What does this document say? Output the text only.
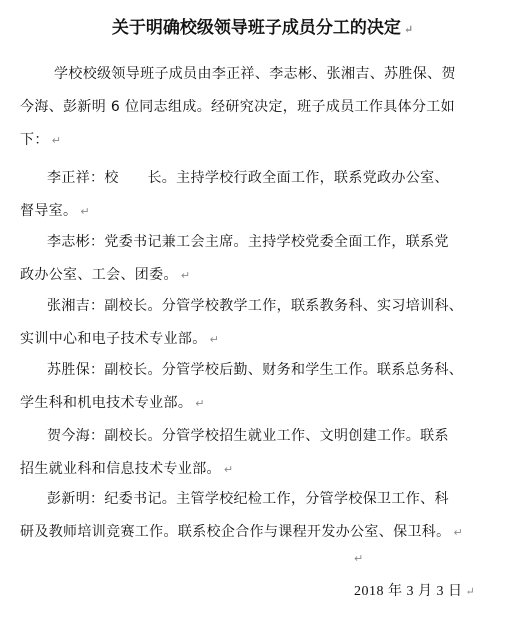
关于明确校级领导班子成员分工的决定 ↵

学校校级领导班子成员由李正祥、李志彬、张湘吉、苏胜保、贺
今海、彭新明 6 位同志组成。经研究决定，班子成员工作具体分工如
下： ↵

李正祥：校　　长。主持学校行政全面工作，联系党政办公室、
督导室。 ↵

李志彬：党委书记兼工会主席。主持学校党委全面工作，联系党
政办公室、工会、团委。 ↵

张湘吉：副校长。分管学校教学工作，联系教务科、实习培训科、
实训中心和电子技术专业部。 ↵

苏胜保：副校长。分管学校后勤、财务和学生工作。联系总务科、
学生科和机电技术专业部。 ↵

贺今海：副校长。分管学校招生就业工作、文明创建工作。联系
招生就业科和信息技术专业部。 ↵

彭新明：纪委书记。主管学校纪检工作，分管学校保卫工作、科
研及教师培训竞赛工作。联系校企合作与课程开发办公室、保卫科。 ↵

↵
2018 年 3 月 3 日 ↵
